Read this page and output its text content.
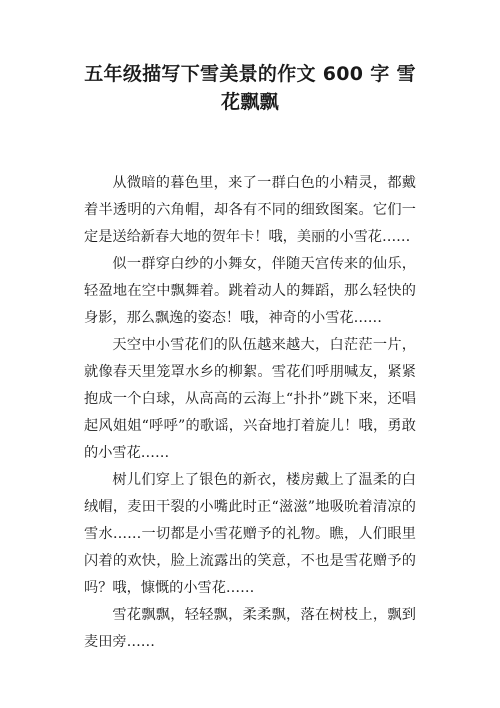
五年级描写下雪美景的作文 600 字 雪花飘飘

从微暗的暮色里，来了一群白色的小精灵，都戴着半透明的六角帽，却各有不同的细致图案。它们一定是送给新春大地的贺年卡！哦，美丽的小雪花……

似一群穿白纱的小舞女，伴随天宫传来的仙乐，轻盈地在空中飘舞着。跳着动人的舞蹈，那么轻快的身影，那么飘逸的姿态！哦，神奇的小雪花……

天空中小雪花们的队伍越来越大，白茫茫一片，就像春天里笼罩水乡的柳絮。雪花们呼朋喊友，紧紧抱成一个白球，从高高的云海上“扑扑”跳下来，还唱起风姐姐“呼呼”的歌谣，兴奋地打着旋儿！哦，勇敢的小雪花……

树儿们穿上了银色的新衣，楼房戴上了温柔的白绒帽，麦田干裂的小嘴此时正“滋滋”地吸吮着清凉的雪水……一切都是小雪花赠予的礼物。瞧，人们眼里闪着的欢快，脸上流露出的笑意，不也是雪花赠予的吗？哦，慷慨的小雪花……

雪花飘飘，轻轻飘，柔柔飘，落在树枝上，飘到麦田旁……
